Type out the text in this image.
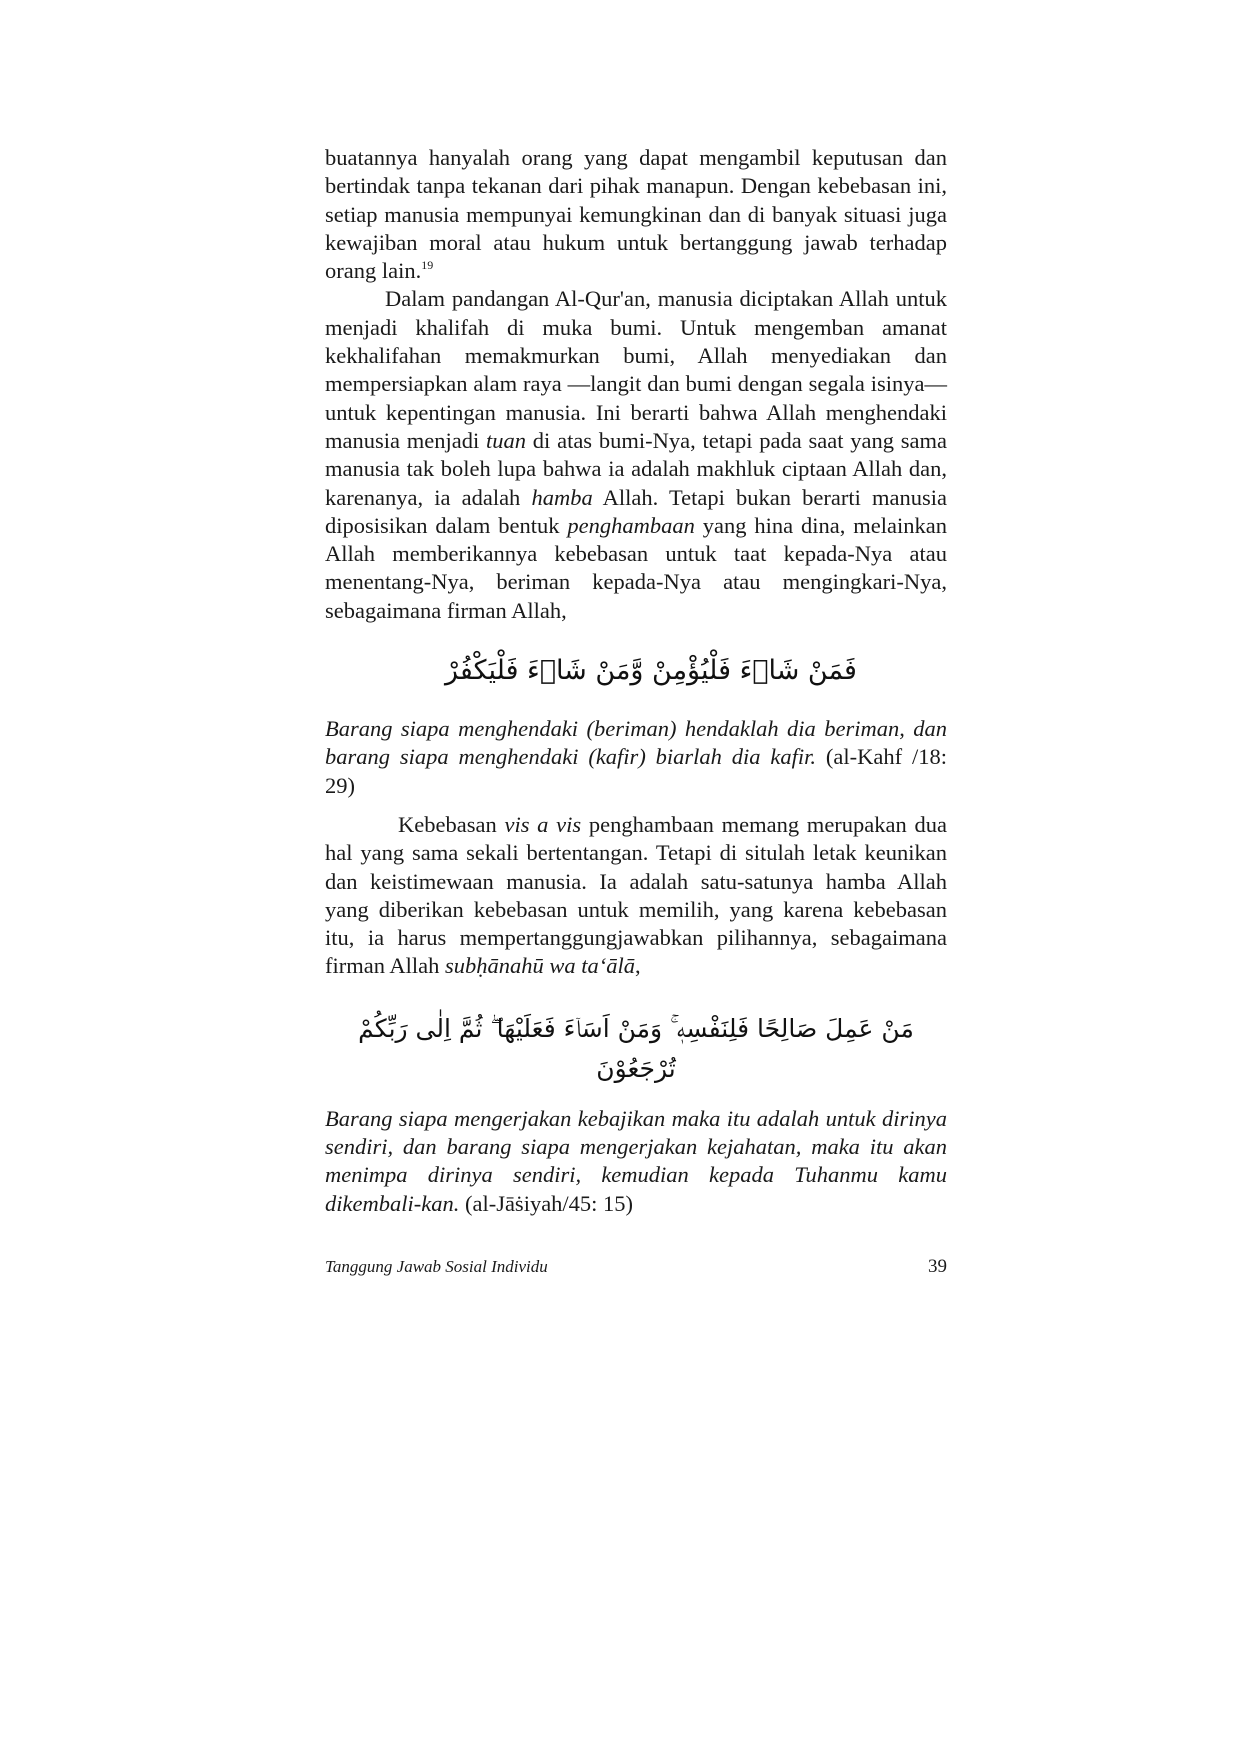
buatannya hanyalah orang yang dapat mengambil keputusan dan bertindak tanpa tekanan dari pihak manapun. Dengan kebebasan ini, setiap manusia mempunyai kemungkinan dan di banyak situasi juga kewajiban moral atau hukum untuk bertanggung jawab terhadap orang lain.$^{19}$

Dalam pandangan Al-Qur'an, manusia diciptakan Allah untuk menjadi khalifah di muka bumi. Untuk mengemban amanat kekhalifahan memakmurkan bumi, Allah menyediakan dan mempersiapkan alam raya —langit dan bumi dengan segala isinya— untuk kepentingan manusia. Ini berarti bahwa Allah menghendaki manusia menjadi tuan di atas bumi-Nya, tetapi pada saat yang sama manusia tak boleh lupa bahwa ia adalah makhluk ciptaan Allah dan, karenanya, ia adalah hamba Allah. Tetapi bukan berarti manusia diposisikan dalam bentuk penghambaan yang hina dina, melainkan Allah memberikannya kebebasan untuk taat kepada-Nya atau menentang-Nya, beriman kepada-Nya atau mengingkari-Nya, sebagaimana firman Allah,

فَمَنْ شَاۤءَ فَلْيُؤْمِنْ وَّمَنْ شَاۤءَ فَلْيَكْفُرْ

Barang siapa menghendaki (beriman) hendaklah dia beriman, dan barang siapa menghendaki (kafir) biarlah dia kafir. (al-Kahf /18: 29)

Kebebasan vis a vis penghambaan memang merupakan dua hal yang sama sekali bertentangan. Tetapi di situlah letak keunikan dan keistimewaan manusia. Ia adalah satu-satunya hamba Allah yang diberikan kebebasan untuk memilih, yang karena kebebasan itu, ia harus mempertanggungjawabkan pilihannya, sebagaimana firman Allah subḥānahū wa ta‘ālā,

مَنْ عَمِلَ صَالِحًا فَلِنَفْسِهٖ ۚ وَمَنْ اَسَاۤءَ فَعَلَيْهَا ۖ ثُمَّ اِلٰى رَبِّكُمْ تُرْجَعُوْنَ

Barang siapa mengerjakan kebajikan maka itu adalah untuk dirinya sendiri, dan barang siapa mengerjakan kejahatan, maka itu akan menimpa dirinya sendiri, kemudian kepada Tuhanmu kamu dikembali-kan. (al-Jāṡiyah/45: 15)

Tanggung Jawab Sosial Individu	39
